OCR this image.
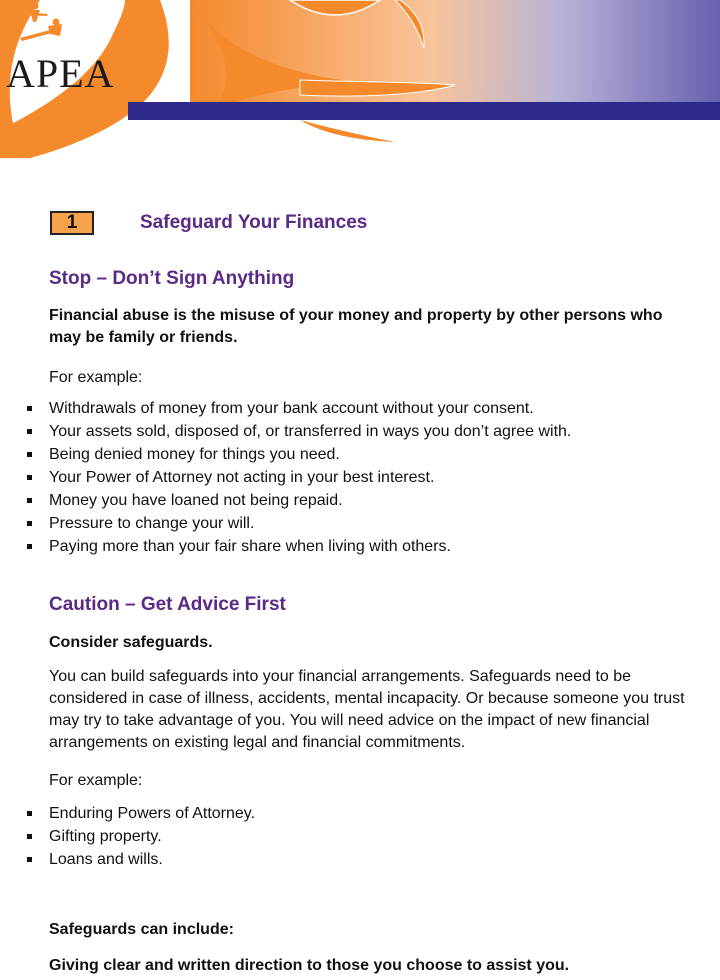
APEA
1	Safeguard Your Finances
Stop – Don’t Sign Anything
Financial abuse is the misuse of your money and property by other persons who may be family or friends.
For example:
Withdrawals of money from your bank account without your consent.
Your assets sold, disposed of, or transferred in ways you don’t agree with.
Being denied money for things you need.
Your Power of Attorney not acting in your best interest.
Money you have loaned not being repaid.
Pressure to change your will.
Paying more than your fair share when living with others.
Caution – Get Advice First
Consider safeguards.
You can build safeguards into your financial arrangements. Safeguards need to be considered in case of illness, accidents, mental incapacity. Or because someone you trust may try to take advantage of you. You will need advice on the impact of new financial arrangements on existing legal and financial commitments.
For example:
Enduring Powers of Attorney.
Gifting property.
Loans and wills.
Safeguards can include:
Giving clear and written direction to those you choose to assist you.
